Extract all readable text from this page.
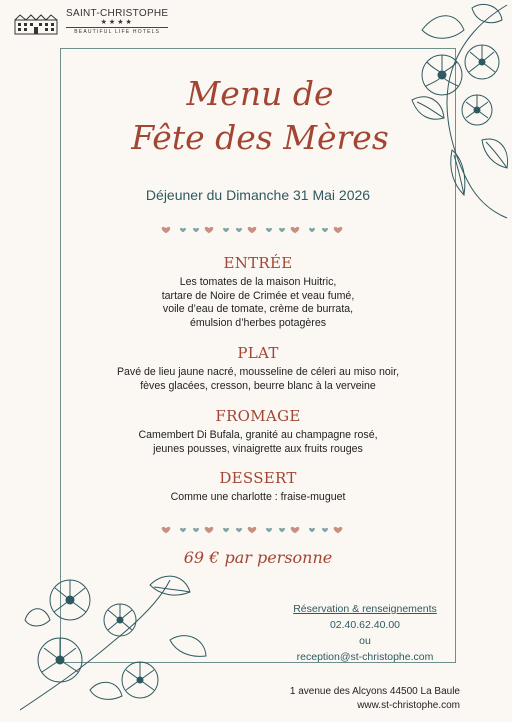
SAINT-CHRISTOPHE
★★★★
BEAUTIFUL LIFE HOTELS
Menu de
Fête des Mères
Déjeuner du Dimanche 31 Mai 2026
ENTRÉE
Les tomates de la maison Huitric,
tartare de Noire de Crimée et veau fumé,
voile d’eau de tomate, crème de burrata,
émulsion d’herbes potagères
PLAT
Pavé de lieu jaune nacré, mousseline de céleri au miso noir,
fèves glacées, cresson, beurre blanc à la verveine
FROMAGE
Camembert Di Bufala, granité au champagne rosé,
jeunes pousses, vinaigrette aux fruits rouges
DESSERT
Comme une charlotte : fraise-muguet
69 € par personne
Réservation & renseignements
02.40.62.40.00
ou
reception@st-christophe.com
1 avenue des Alcyons 44500 La Baule
www.st-christophe.com
